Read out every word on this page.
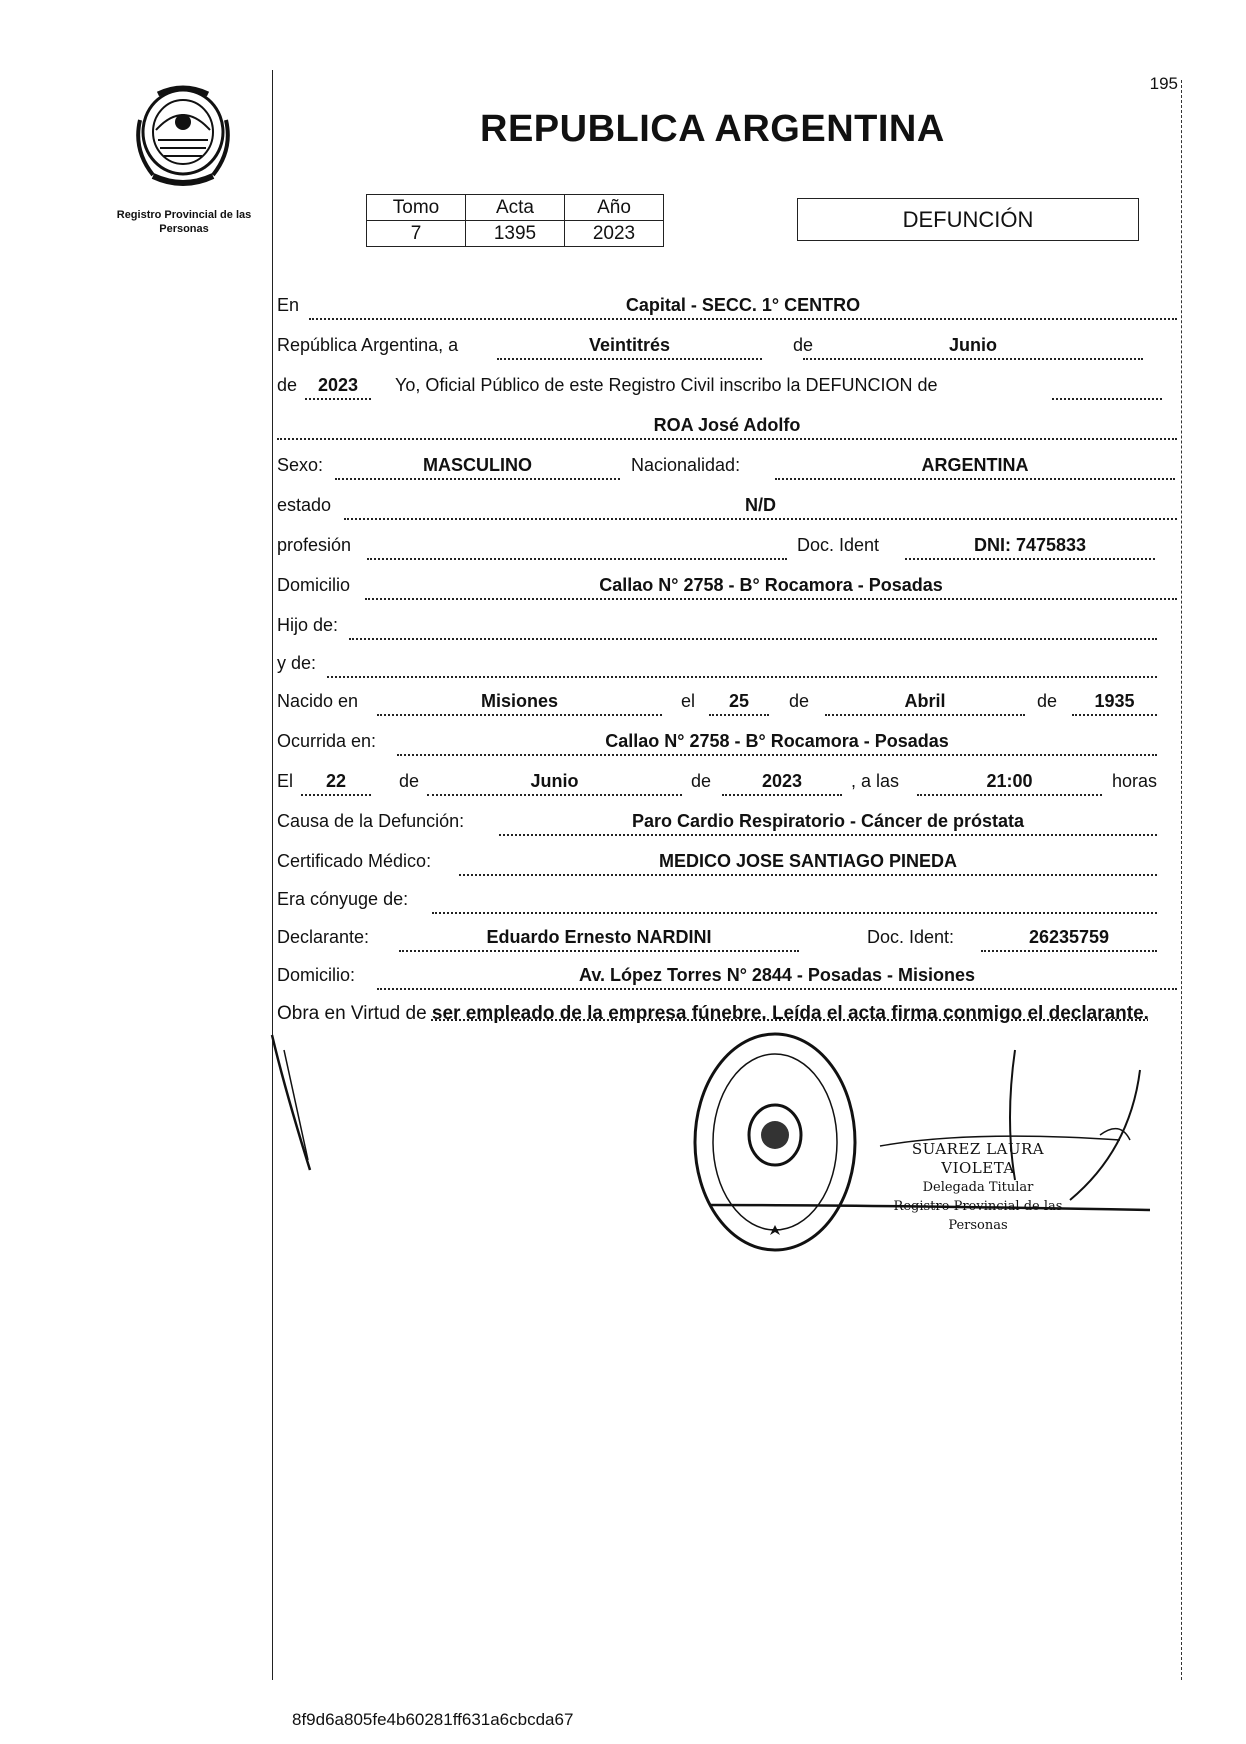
195
Registro Provincial de las Personas
REPUBLICA ARGENTINA
Tomo	Acta	Año
7	1395	2023
DEFUNCIÓN
En	Capital - SECC. 1° CENTRO
República Argentina, a	Veintitrés	de	Junio
de	2023	Yo, Oficial Público de este Registro Civil inscribo la DEFUNCION de
ROA José Adolfo
Sexo:	MASCULINO	Nacionalidad:	ARGENTINA
estado	N/D
profesión	Doc. Ident	DNI: 7475833
Domicilio	Callao N° 2758 - B° Rocamora - Posadas
Hijo de:
y de:
Nacido en	Misiones	el	25	de	Abril	de	1935
Ocurrida en:	Callao N° 2758 - B° Rocamora - Posadas
El	22	de	Junio	de	2023	, a las	21:00	horas
Causa de la Defunción:	Paro Cardio Respiratorio - Cáncer de próstata
Certificado Médico:	MEDICO JOSE SANTIAGO PINEDA
Era cónyuge de:
Declarante:	Eduardo Ernesto NARDINI	Doc. Ident:	26235759
Domicilio:	Av. López Torres N° 2844 - Posadas - Misiones
Obra en Virtud de ser empleado de la empresa fúnebre. Leída el acta firma conmigo el declarante.
SUAREZ LAURA VIOLETA
Delegada Titular
Registro Provincial de las Personas
8f9d6a805fe4b60281ff631a6cbcda67
